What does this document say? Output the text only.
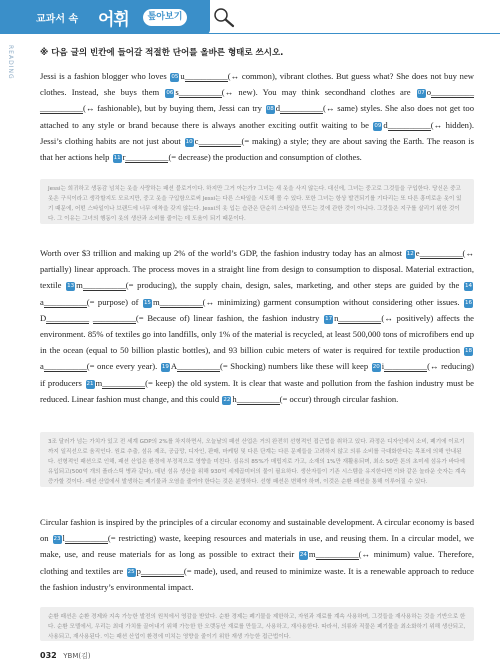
교과서 속 어휘	톺아보기
READING	※ 다음 글의 빈칸에 들어갈 적절한 단어를 올바른 형태로 쓰시오.
Jessi is a fashion blogger who loves 05 u__________(↔ common), vibrant clothes. But guess what? She does not buy new clothes. Instead, she buys them 06 s__________(↔ new). You may think secondhand clothes are 07 o__________ __________(↔ fashionable), but by buying them, Jessi can try 08 d__________(↔ same) styles. She also does not get too attached to any style or brand because there is always another exciting outfit waiting to be 09 d__________(↔ hidden). Jessi’s clothing habits are not just about 10 c__________(= making) a style; they are about saving the Earth. The reason is that her actions help 11 r__________(= decrease) the production and consumption of clothes.
Jessi는 희귀하고 생동감 넘치는 옷을 사랑하는 패션 블로거이다. 하지만 그거 아는가? 그녀는 새 옷을 사지 않는다. 대신에, 그녀는 중고로 그것들을 구입한다. 당신은 중고 옷은 구식이라고 생각할지도 모르지만, 중고 옷을 구입함으로써 Jessi는 다른 스타일을 시도해 볼 수 있다. 또한 그녀는 항상 발견되기를 기다리는 또 다른 흥미로운 옷이 있기 때문에, 어떤 스타일이나 브랜드에 너무 애착을 갖지 않는다. Jessi의 옷 입는 습관은 단순히 스타일을 만드는 것에 관한 것이 아니다. 그것들은 지구를 살리기 위한 것이다. 그 이유는 그녀의 행동이 옷의 생산과 소비를 줄이는 데 도움이 되기 때문이다.
Worth over $3 trillion and making up 2% of the world’s GDP, the fashion industry today has an almost 12 e__________(↔ partially) linear approach. The process moves in a straight line from design to consumption to disposal. Material extraction, textile 13 m__________(= producing), the supply chain, design, sales, marketing, and other steps are guided by the 14a__________(= purpose) of 15 m__________(↔ minimizing) garment consumption without considering other issues. 16D__________ __________(= Because of) linear fashion, the fashion industry 17 n__________(↔ positively) affects the environment. 85% of textiles go into landfills, only 1% of the material is recycled, at least 500,000 tons of microfibers end up in the ocean (equal to 50 billion plastic bottles), and 93 billion cubic meters of water is required for textile production 18a__________(= once every year). 19 A__________(= Shocking) numbers like these will keep 20 i__________(↔ reducing) if producers 21 m__________(= keep) the old system. It is clear that waste and pollution from the fashion industry must be reduced. Linear fashion must change, and this could 22 h__________(= occur) through circular fashion.
3조 달러가 넘는 가치가 있고 전 세계 GDP의 2%를 차지하면서, 오늘날의 패션 산업은 거의 완전히 선형적인 접근법을 취하고 있다. 과정은 디자인에서 소비, 폐기에 이르기까지 일직선으로 움직인다. 원료 추출, 섬유 제조, 공급망, 디자인, 판매, 마케팅 및 다른 단계는 다른 문제들을 고려하지 않고 의류 소비를 극대화한다는 목표에 의해 안내된다. 선형적인 패션으로 인해, 패션 산업은 환경에 부정적으로 영향을 미친다. 섬유의 85%가 매립지로 가고, 소재의 1%만 재활용되며, 최소 50만 톤의 초미세 섬유가 바다에 유입되고(500억 개의 플라스틱 병과 같다), 매년 섬유 생산을 위해 930억 세제곱미터의 물이 필요하다. 생산자들이 기존 시스템을 유지한다면 이와 같은 놀라운 숫자는 계속 증가할 것이다. 패션 산업에서 발생하는 폐기물과 오염을 줄여야 한다는 것은 분명하다. 선형 패션은 변해야 하며, 이것은 순환 패션을 통해 이루어질 수 있다.
Circular fashion is inspired by the principles of a circular economy and sustainable development. A circular economy is based on 23 l__________(= restricting) waste, keeping resources and materials in use, and reusing them. In a circular model, we make, use, and reuse materials for as long as possible to extract their 24 m__________(↔ minimum) value. Therefore, clothing and textiles are 25 p__________(= made), used, and reused to minimize waste. It is a renewable approach to reduce the fashion industry’s environmental impact.
순환 패션은 순환 경제와 지속 가능한 발전의 원칙에서 영감을 받았다. 순환 경제는 폐기물을 제한하고, 자원과 재료를 계속 사용하며, 그것들을 재사용하는 것을 기반으로 한다. 순환 모델에서, 우리는 최대 가치를 끌어내기 위해 가능한 한 오랫동안 재료를 만들고, 사용하고, 재사용한다. 따라서, 의류와 직물은 폐기물을 최소화하기 위해 생산되고, 사용되고, 재사용된다. 이는 패션 산업이 환경에 미치는 영향을 줄이기 위한 재생 가능한 접근법이다.
032 YBM(김)
